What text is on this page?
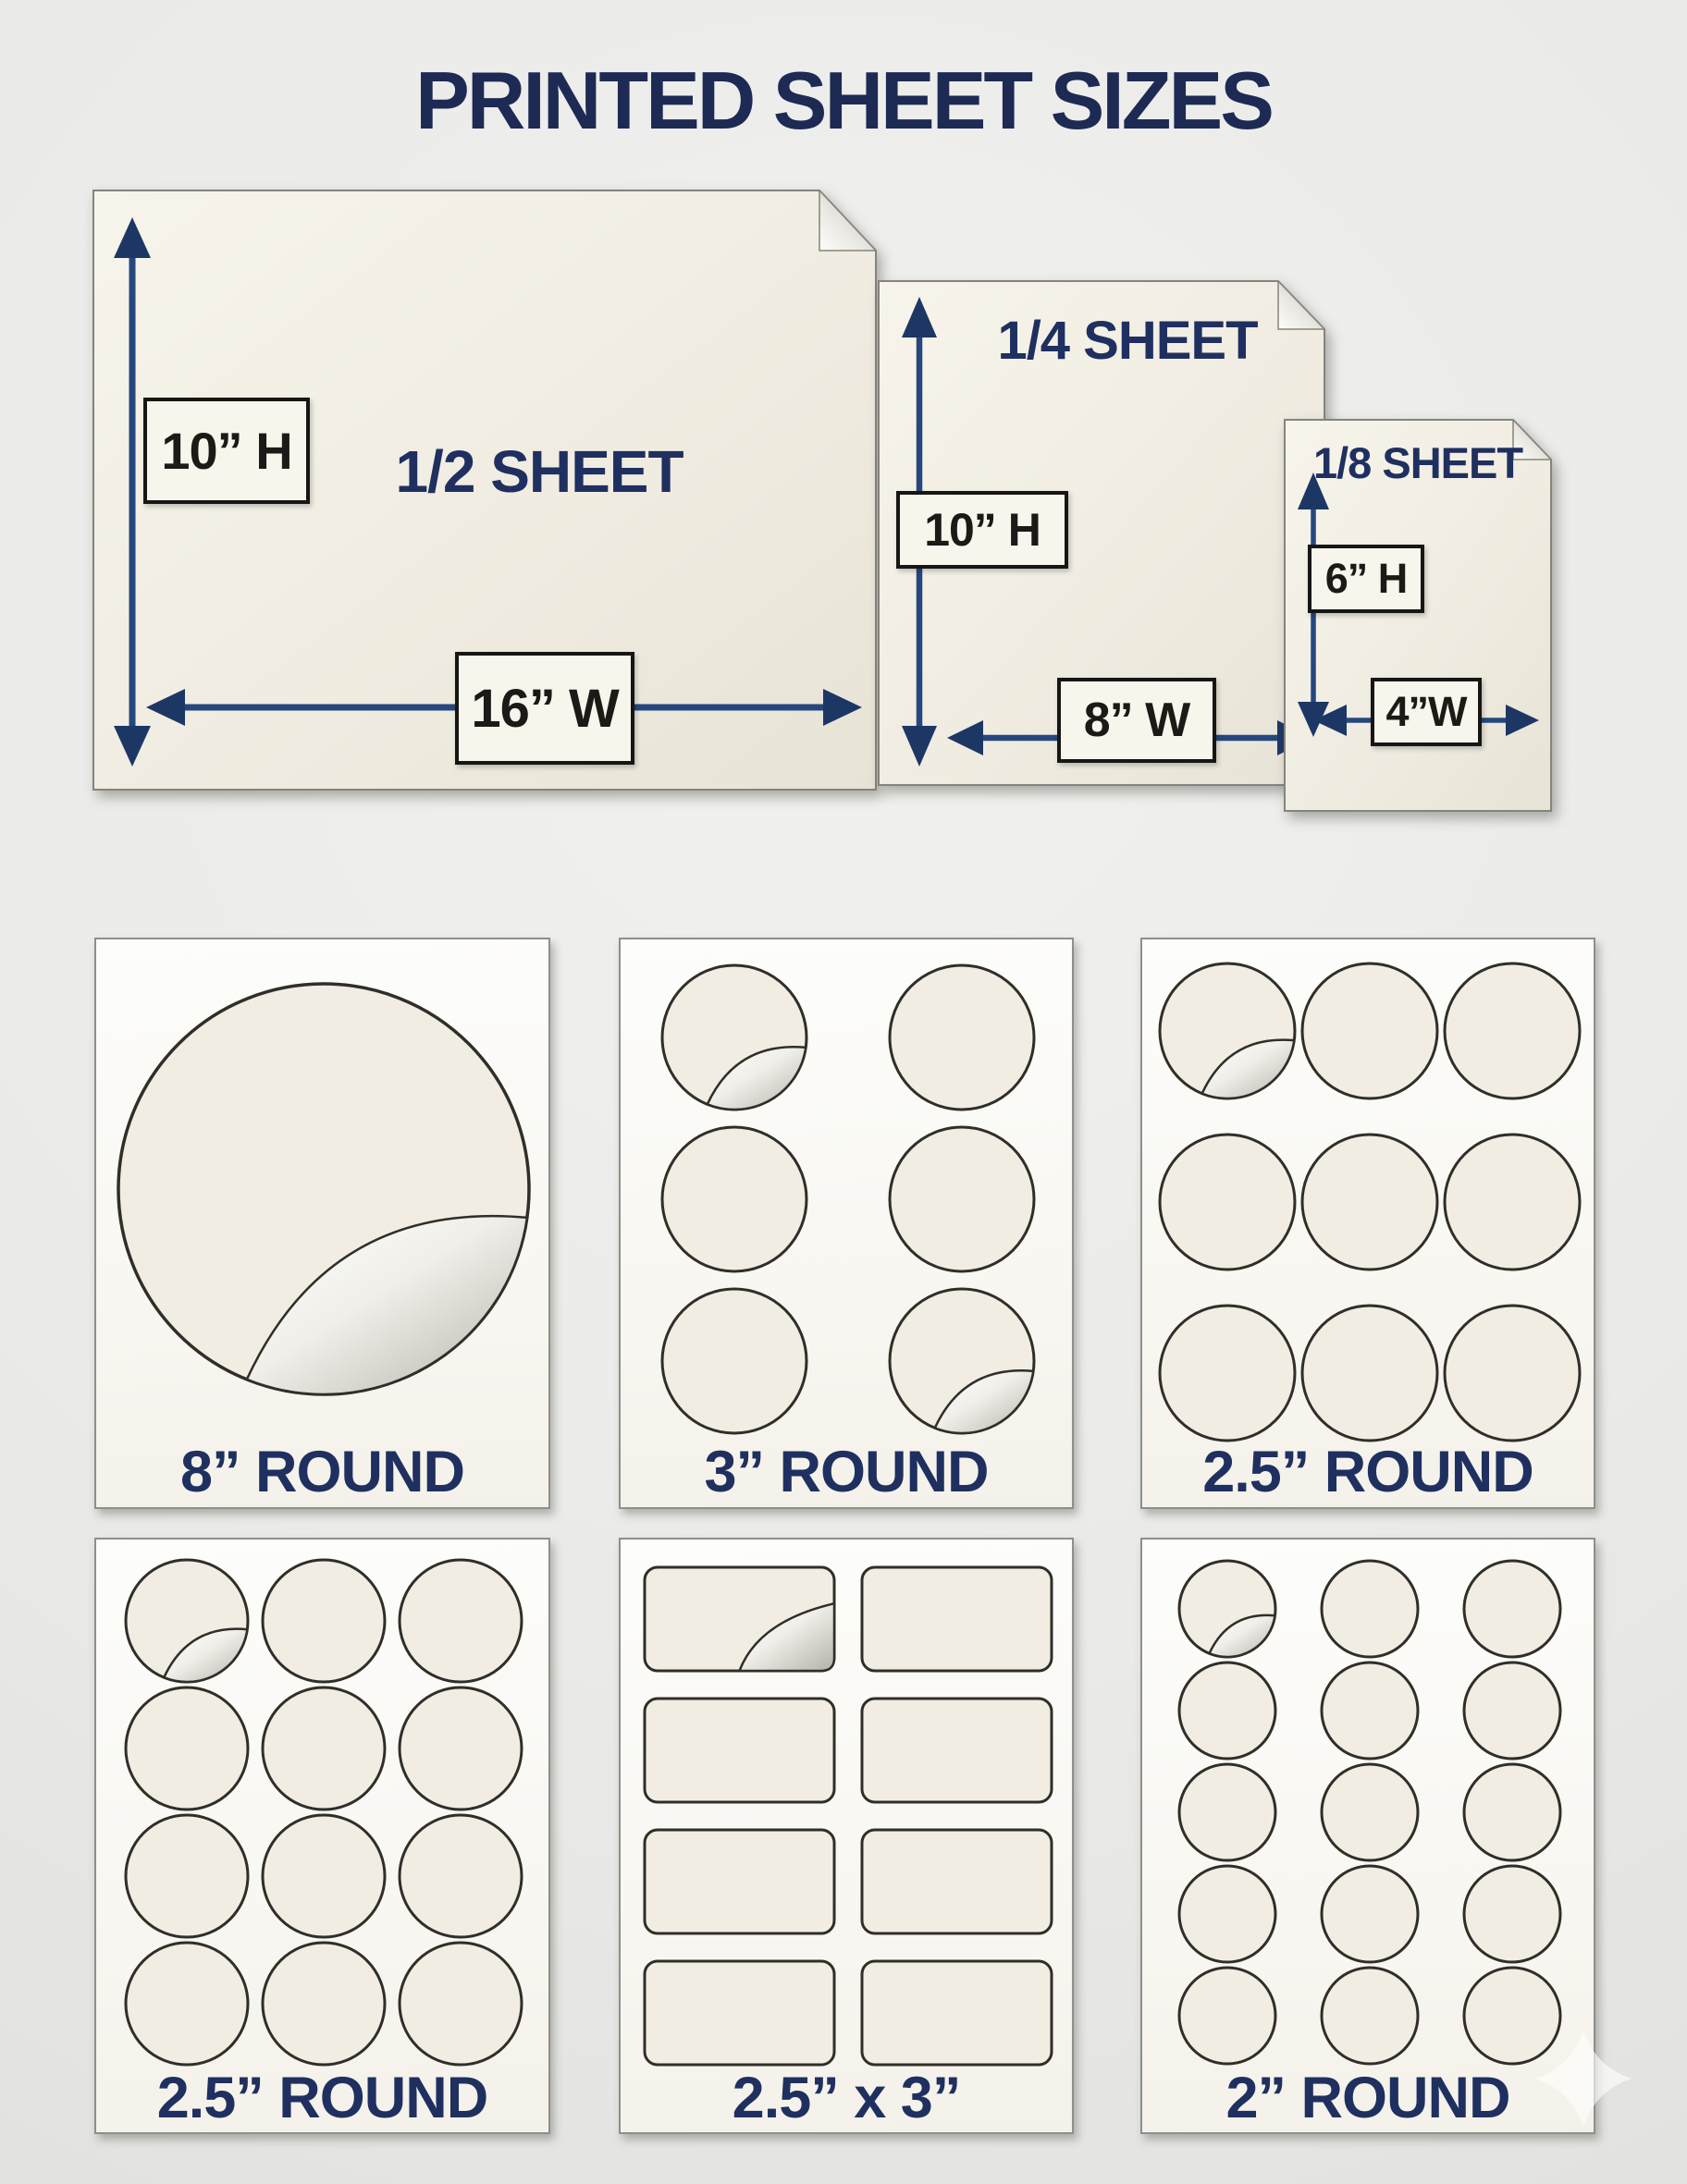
PRINTED SHEET SIZES
10” H	1/2 SHEET
16” W
1/4 SHEET
10” H
8” W
1/8 SHEET
6” H
4”W
8” ROUND	3” ROUND	2.5” ROUND
2.5” ROUND	2.5” x 3”	2” ROUND
